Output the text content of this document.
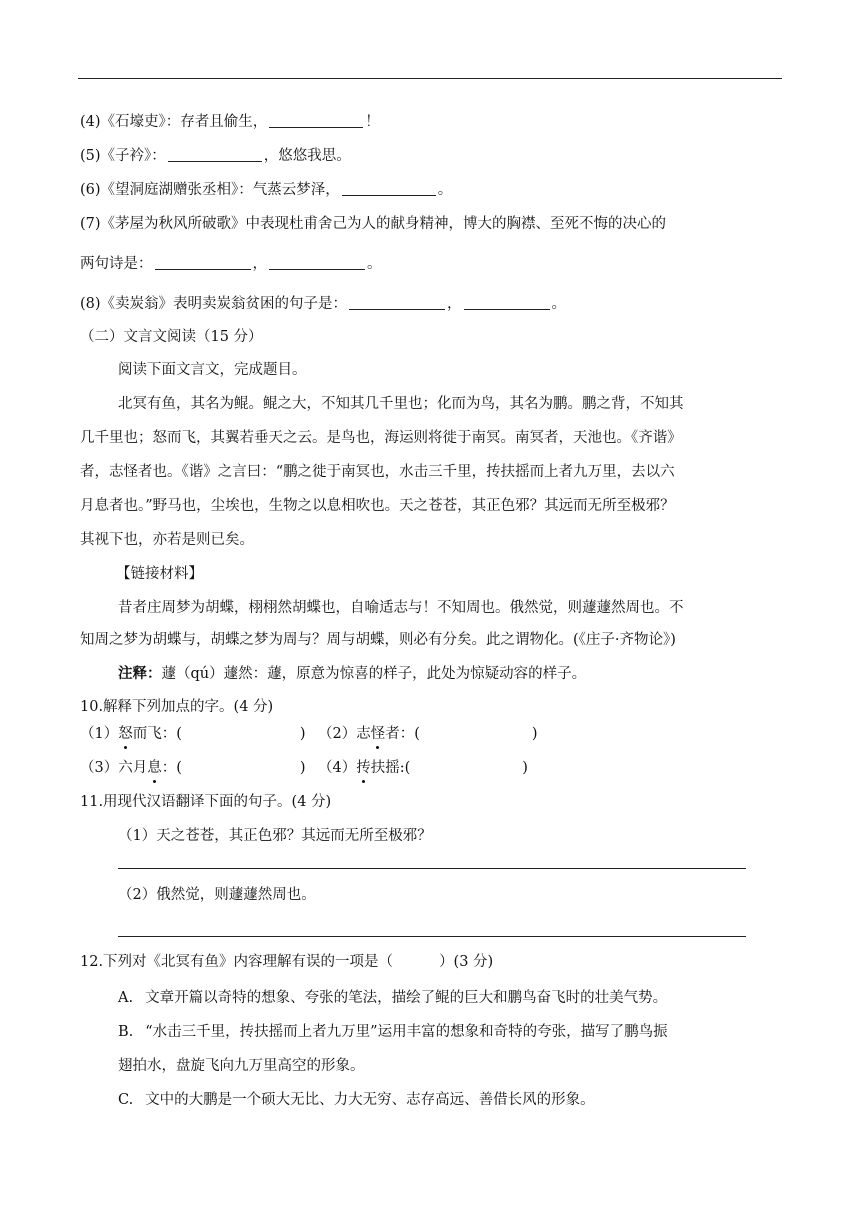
(4)《石壕吏》：存者且偷生，	！
(5)《子衿》：	，悠悠我思。
(6)《望洞庭湖赠张丞相》：气蒸云梦泽，	。
(7)《茅屋为秋风所破歌》中表现杜甫舍己为人的献身精神，博大的胸襟、至死不悔的决心的
两句诗是：	，	。
(8)《卖炭翁》表明卖炭翁贫困的句子是：	，	。
（二）文言文阅读（15 分）
阅读下面文言文，完成题目。
北冥有鱼，其名为鲲。鲲之大，不知其几千里也；化而为鸟，其名为鹏。鹏之背，不知其
几千里也；怒而飞，其翼若垂天之云。是鸟也，海运则将徙于南冥。南冥者，天池也。《齐谐》
者，志怪者也。《谐》之言曰：“鹏之徙于南冥也，水击三千里，抟扶摇而上者九万里，去以六
月息者也。”野马也，尘埃也，生物之以息相吹也。天之苍苍，其正色邪？其远而无所至极邪？
其视下也，亦若是则已矣。
【链接材料】
昔者庄周梦为胡蝶，栩栩然胡蝶也，自喻适志与！不知周也。俄然觉，则蘧蘧然周也。不
知周之梦为胡蝶与，胡蝶之梦为周与？周与胡蝶，则必有分矣。此之谓物化。(《庄子·齐物论》)
注释：蘧（qú）蘧然：蘧，原意为惊喜的样子，此处为惊疑动容的样子。
10.解释下列加点的字。(4 分)
（1）怒而飞：(	) （2）志怪者：(	)
（3）六月息：(	) （4）抟扶摇:(	)
11.用现代汉语翻译下面的句子。(4 分)
（1）天之苍苍，其正色邪？其远而无所至极邪？
（2）俄然觉，则蘧蘧然周也。
12.下列对《北冥有鱼》内容理解有误的一项是（	）(3 分)
A. 文章开篇以奇特的想象、夸张的笔法，描绘了鲲的巨大和鹏鸟奋飞时的壮美气势。
B. “水击三千里，抟扶摇而上者九万里”运用丰富的想象和奇特的夸张，描写了鹏鸟振
翅拍水，盘旋飞向九万里高空的形象。
C. 文中的大鹏是一个硕大无比、力大无穷、志存高远、善借长风的形象。
